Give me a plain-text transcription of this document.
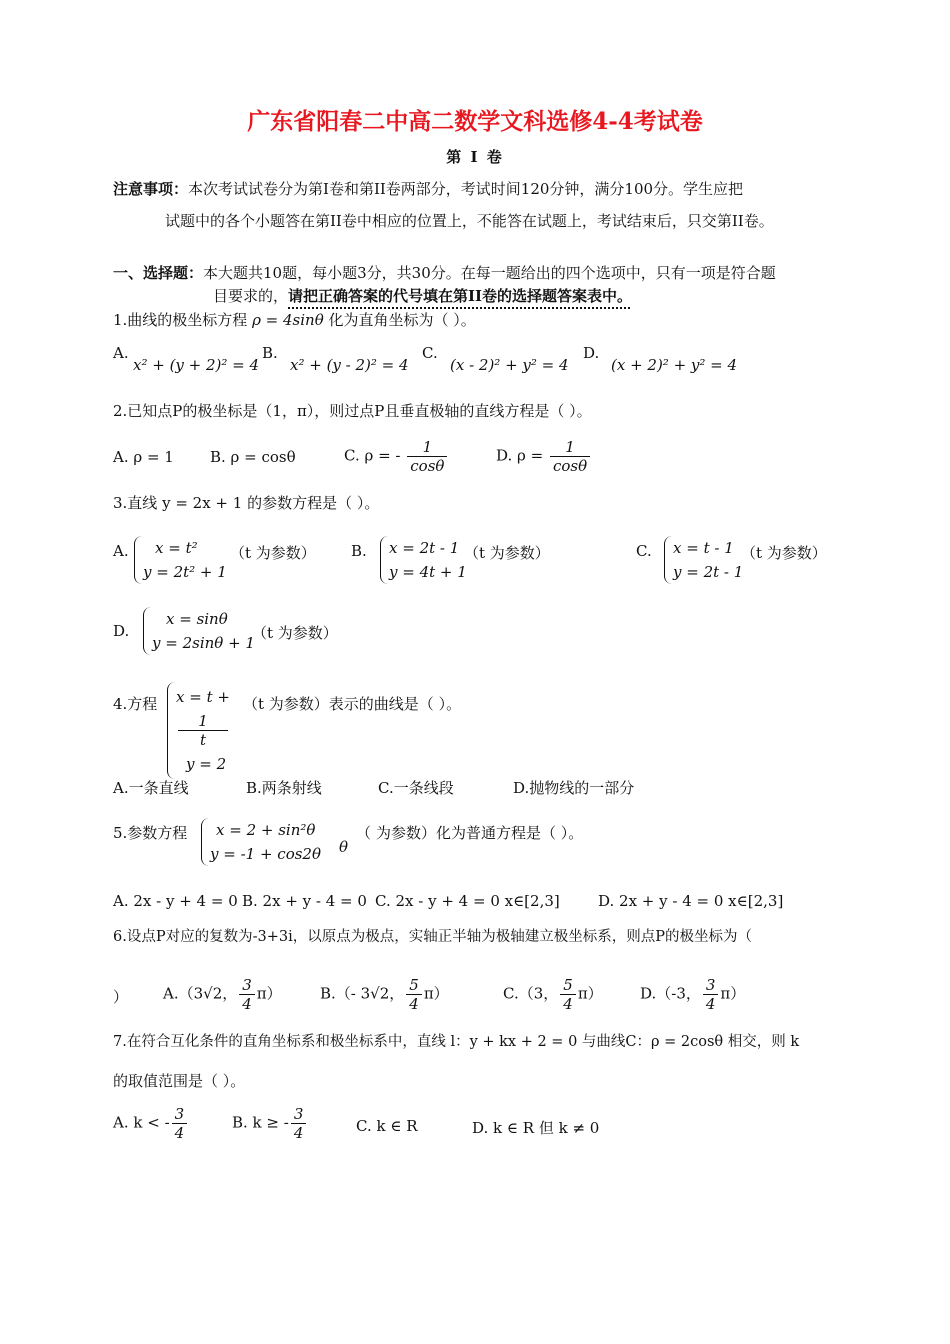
广东省阳春二中高二数学文科选修4-4考试卷
第 I 卷
注意事项：本次考试试卷分为第I卷和第II卷两部分，考试时间120分钟，满分100分。学生应把
试题中的各个小题答在第II卷中相应的位置上，不能答在试题上，考试结束后，只交第II卷。
一、选择题：本大题共10题，每小题3分，共30分。在每一题给出的四个选项中，只有一项是符合题
目要求的，请把正确答案的代号填在第II卷的选择题答案表中。
1.曲线的极坐标方程 ρ = 4sinθ 化为直角坐标为（ ）。
A.
x² + (y + 2)² = 4
B.
x² + (y - 2)² = 4
C.
(x - 2)² + y² = 4
D.
(x + 2)² + y² = 4
2.已知点P的极坐标是（1，π），则过点P且垂直极轴的直线方程是（ ）。
A. ρ = 1 B. ρ = cosθ	C. ρ = - $\frac{1}{\cos\theta}$	D. $\rho = \frac{1}{\cos\theta}$
3.直线 y = 2x + 1 的参数方程是（ ）。
A.	x = t²
y = 2t² + 1
（t 为参数） B. x = 2t - 1
y = 4t + 1
（t 为参数）	C. x = t - 1
y = 2t - 1
（t 为参数）
D.
x = sinθ
y = 2sinθ + 1
（t 为参数）
4.方程 x = t +
1
t
y = 2
（t 为参数）表示的曲线是（ ）。
A.一条直线	B.两条射线	C.一条线段	D.抛物线的一部分
5.参数方程	x = 2 + sin²θ
y = -1 + cos2θ
（
θ
为参数）化为普通方程是（ ）。
A. 2x - y + 4 = 0 B. 2x + y - 4 = 0 C. 2x - y + 4 = 0 x∈[2,3]	D. 2x + y - 4 = 0 x∈[2,3]
6.设点P对应的复数为-3+3i，以原点为极点，实轴正半轴为极轴建立极坐标系，则点P的极坐标为（
） A.（3√2， $\frac{3}{4} \pi$）	B.（- 3√2， $\frac{5}{4} \pi$）	C.（3， $\frac{5}{4} \pi$） D.（-3， $\frac{3}{4} \pi$）
7.在符合互化条件的直角坐标系和极坐标系中，直线 l：y + kx + 2 = 0 与曲线C：ρ = 2cosθ 相交，则 k
的取值范围是（ ）。
A. k < - $\frac{3}{4}$	B. k ≥ - $\frac{3}{4}$	C. k ∈ R	D. k ∈ R 但 k ≠ 0
